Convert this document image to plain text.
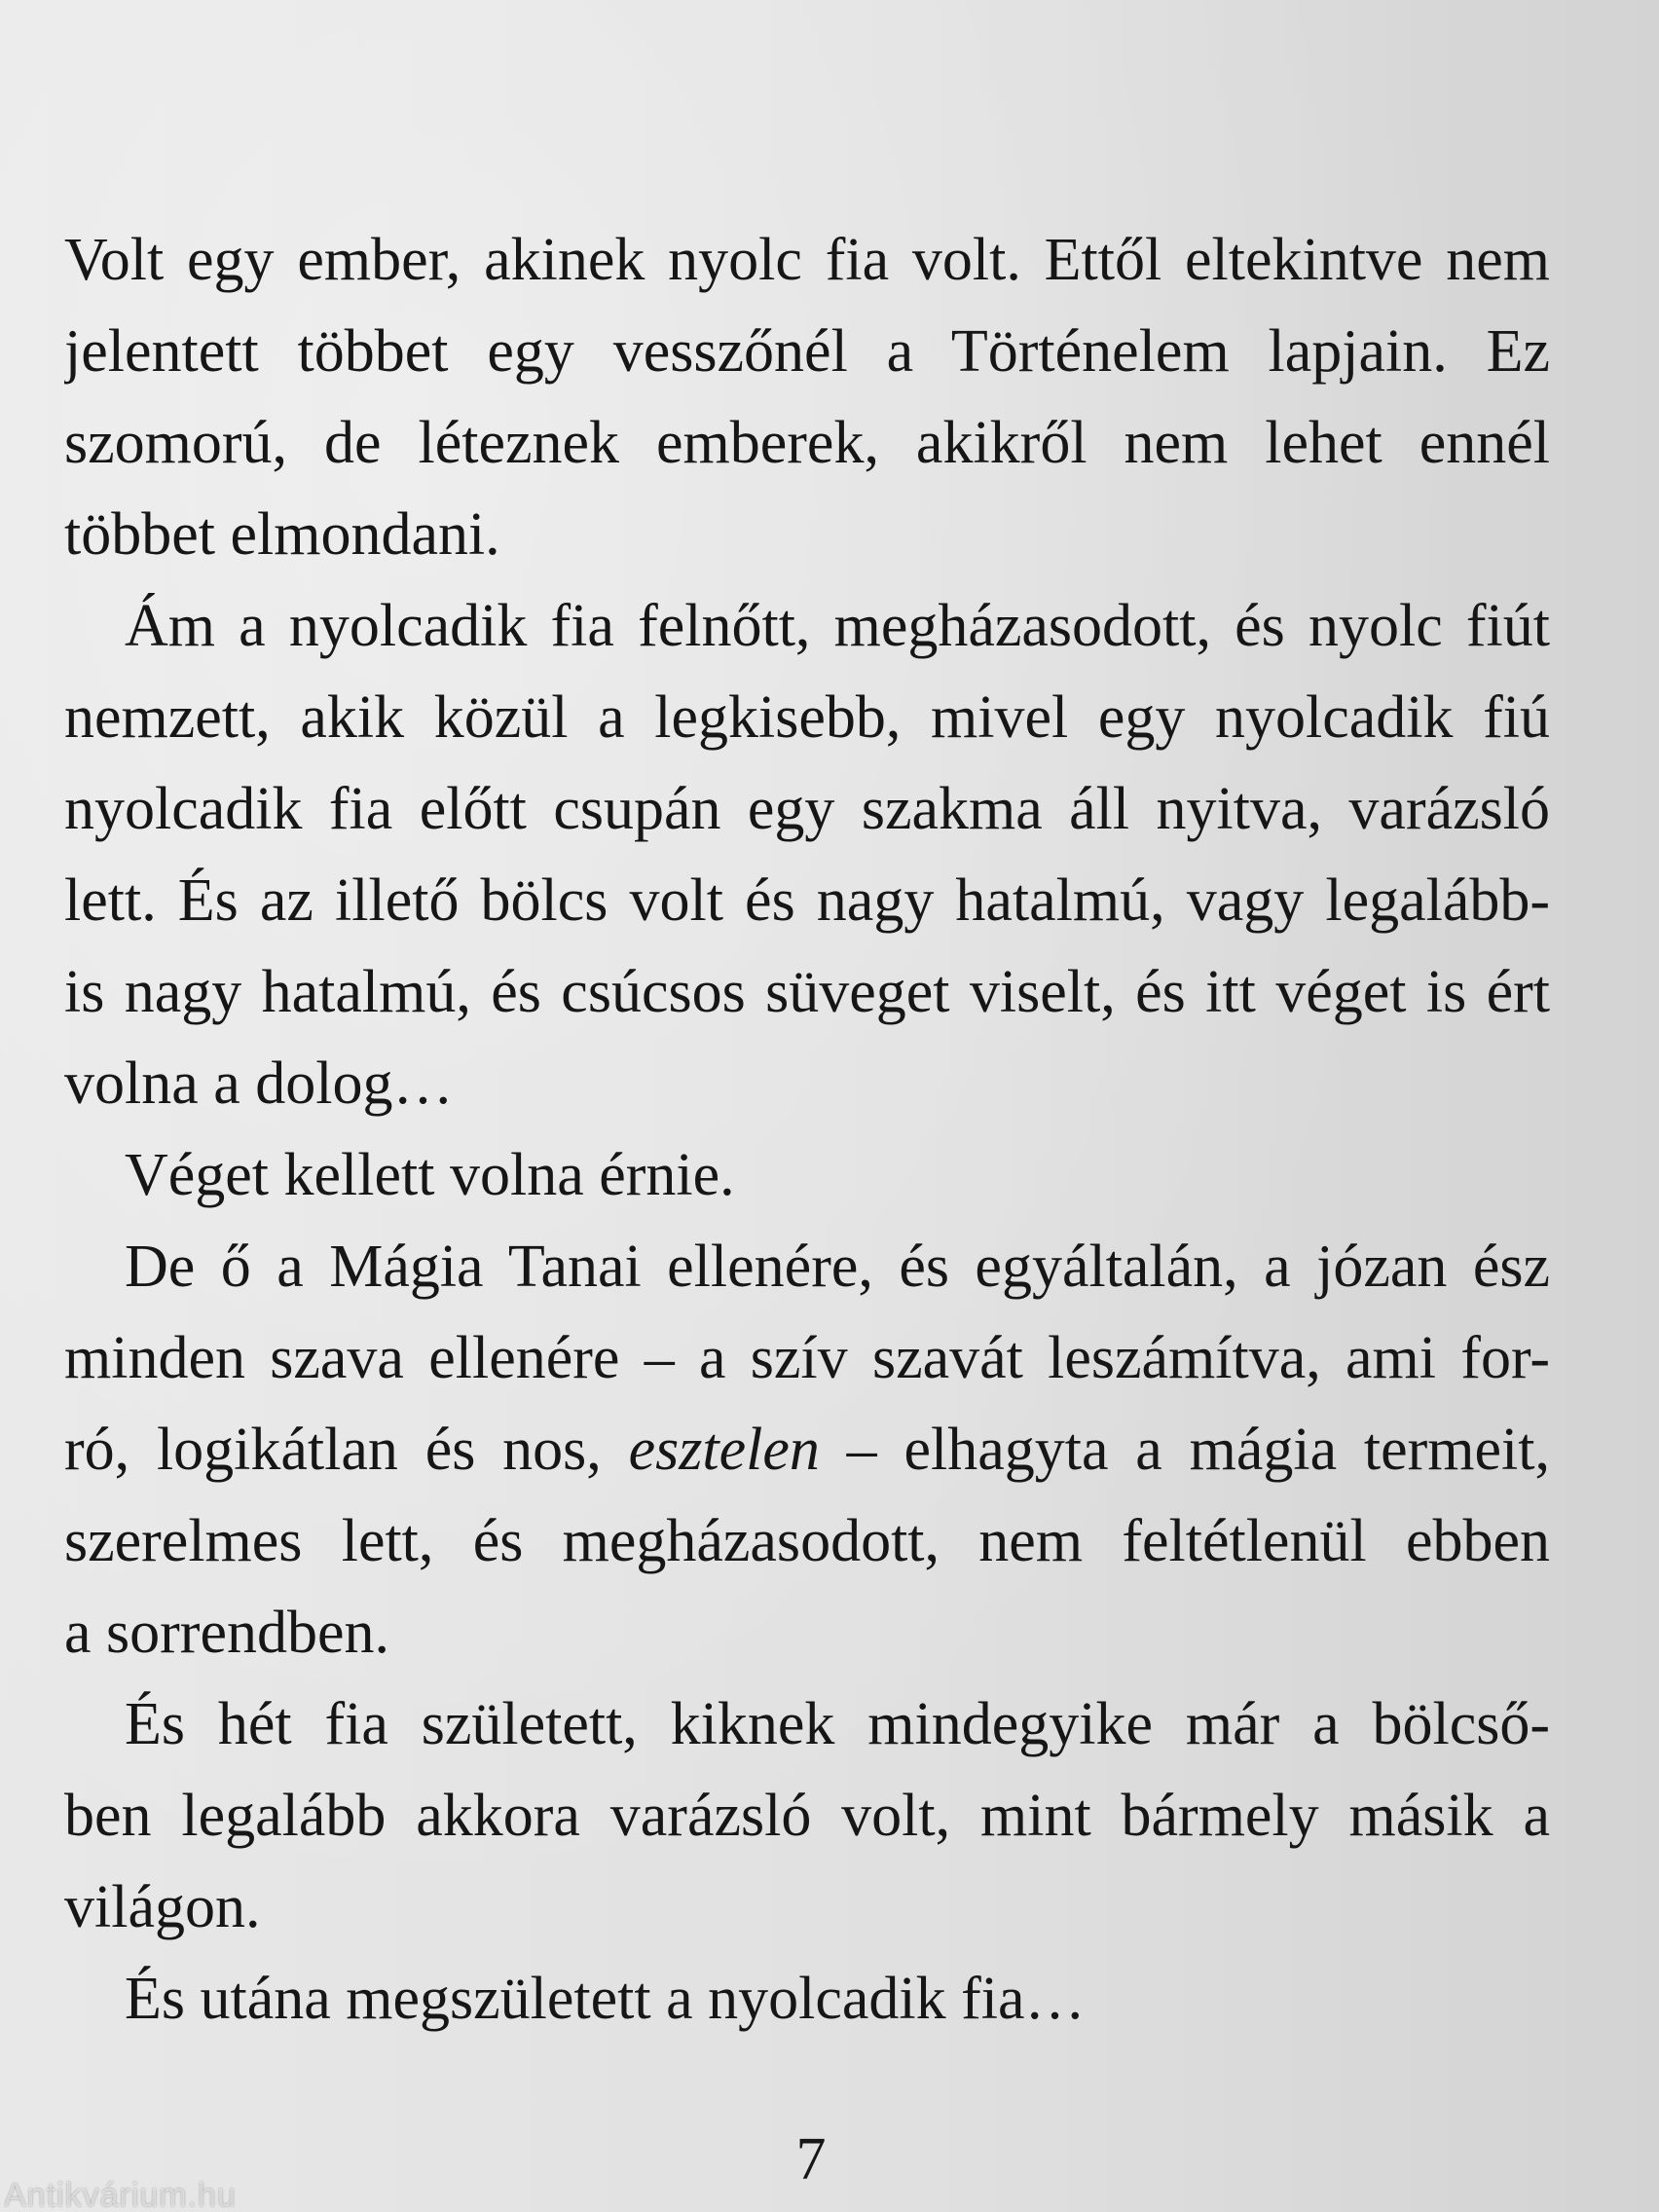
Volt egy ember, akinek nyolc fia volt. Ettől eltekintve nem
jelentett többet egy vesszőnél a Történelem lapjain. Ez
szomorú, de léteznek emberek, akikről nem lehet ennél
többet elmondani.
Ám a nyolcadik fia felnőtt, megházasodott, és nyolc fiút
nemzett, akik közül a legkisebb, mivel egy nyolcadik fiú
nyolcadik fia előtt csupán egy szakma áll nyitva, varázsló
lett. És az illető bölcs volt és nagy hatalmú, vagy legalább-
is nagy hatalmú, és csúcsos süveget viselt, és itt véget is ért
volna a dolog…
Véget kellett volna érnie.
De ő a Mágia Tanai ellenére, és egyáltalán, a józan ész
minden szava ellenére – a szív szavát leszámítva, ami for-
ró, logikátlan és nos, esztelen – elhagyta a mágia termeit,
szerelmes lett, és megházasodott, nem feltétlenül ebben
a sorrendben.
És hét fia született, kiknek mindegyike már a bölcső-
ben legalább akkora varázsló volt, mint bármely másik a
világon.
És utána megszületett a nyolcadik fia…
7
Antikvárium.hu
